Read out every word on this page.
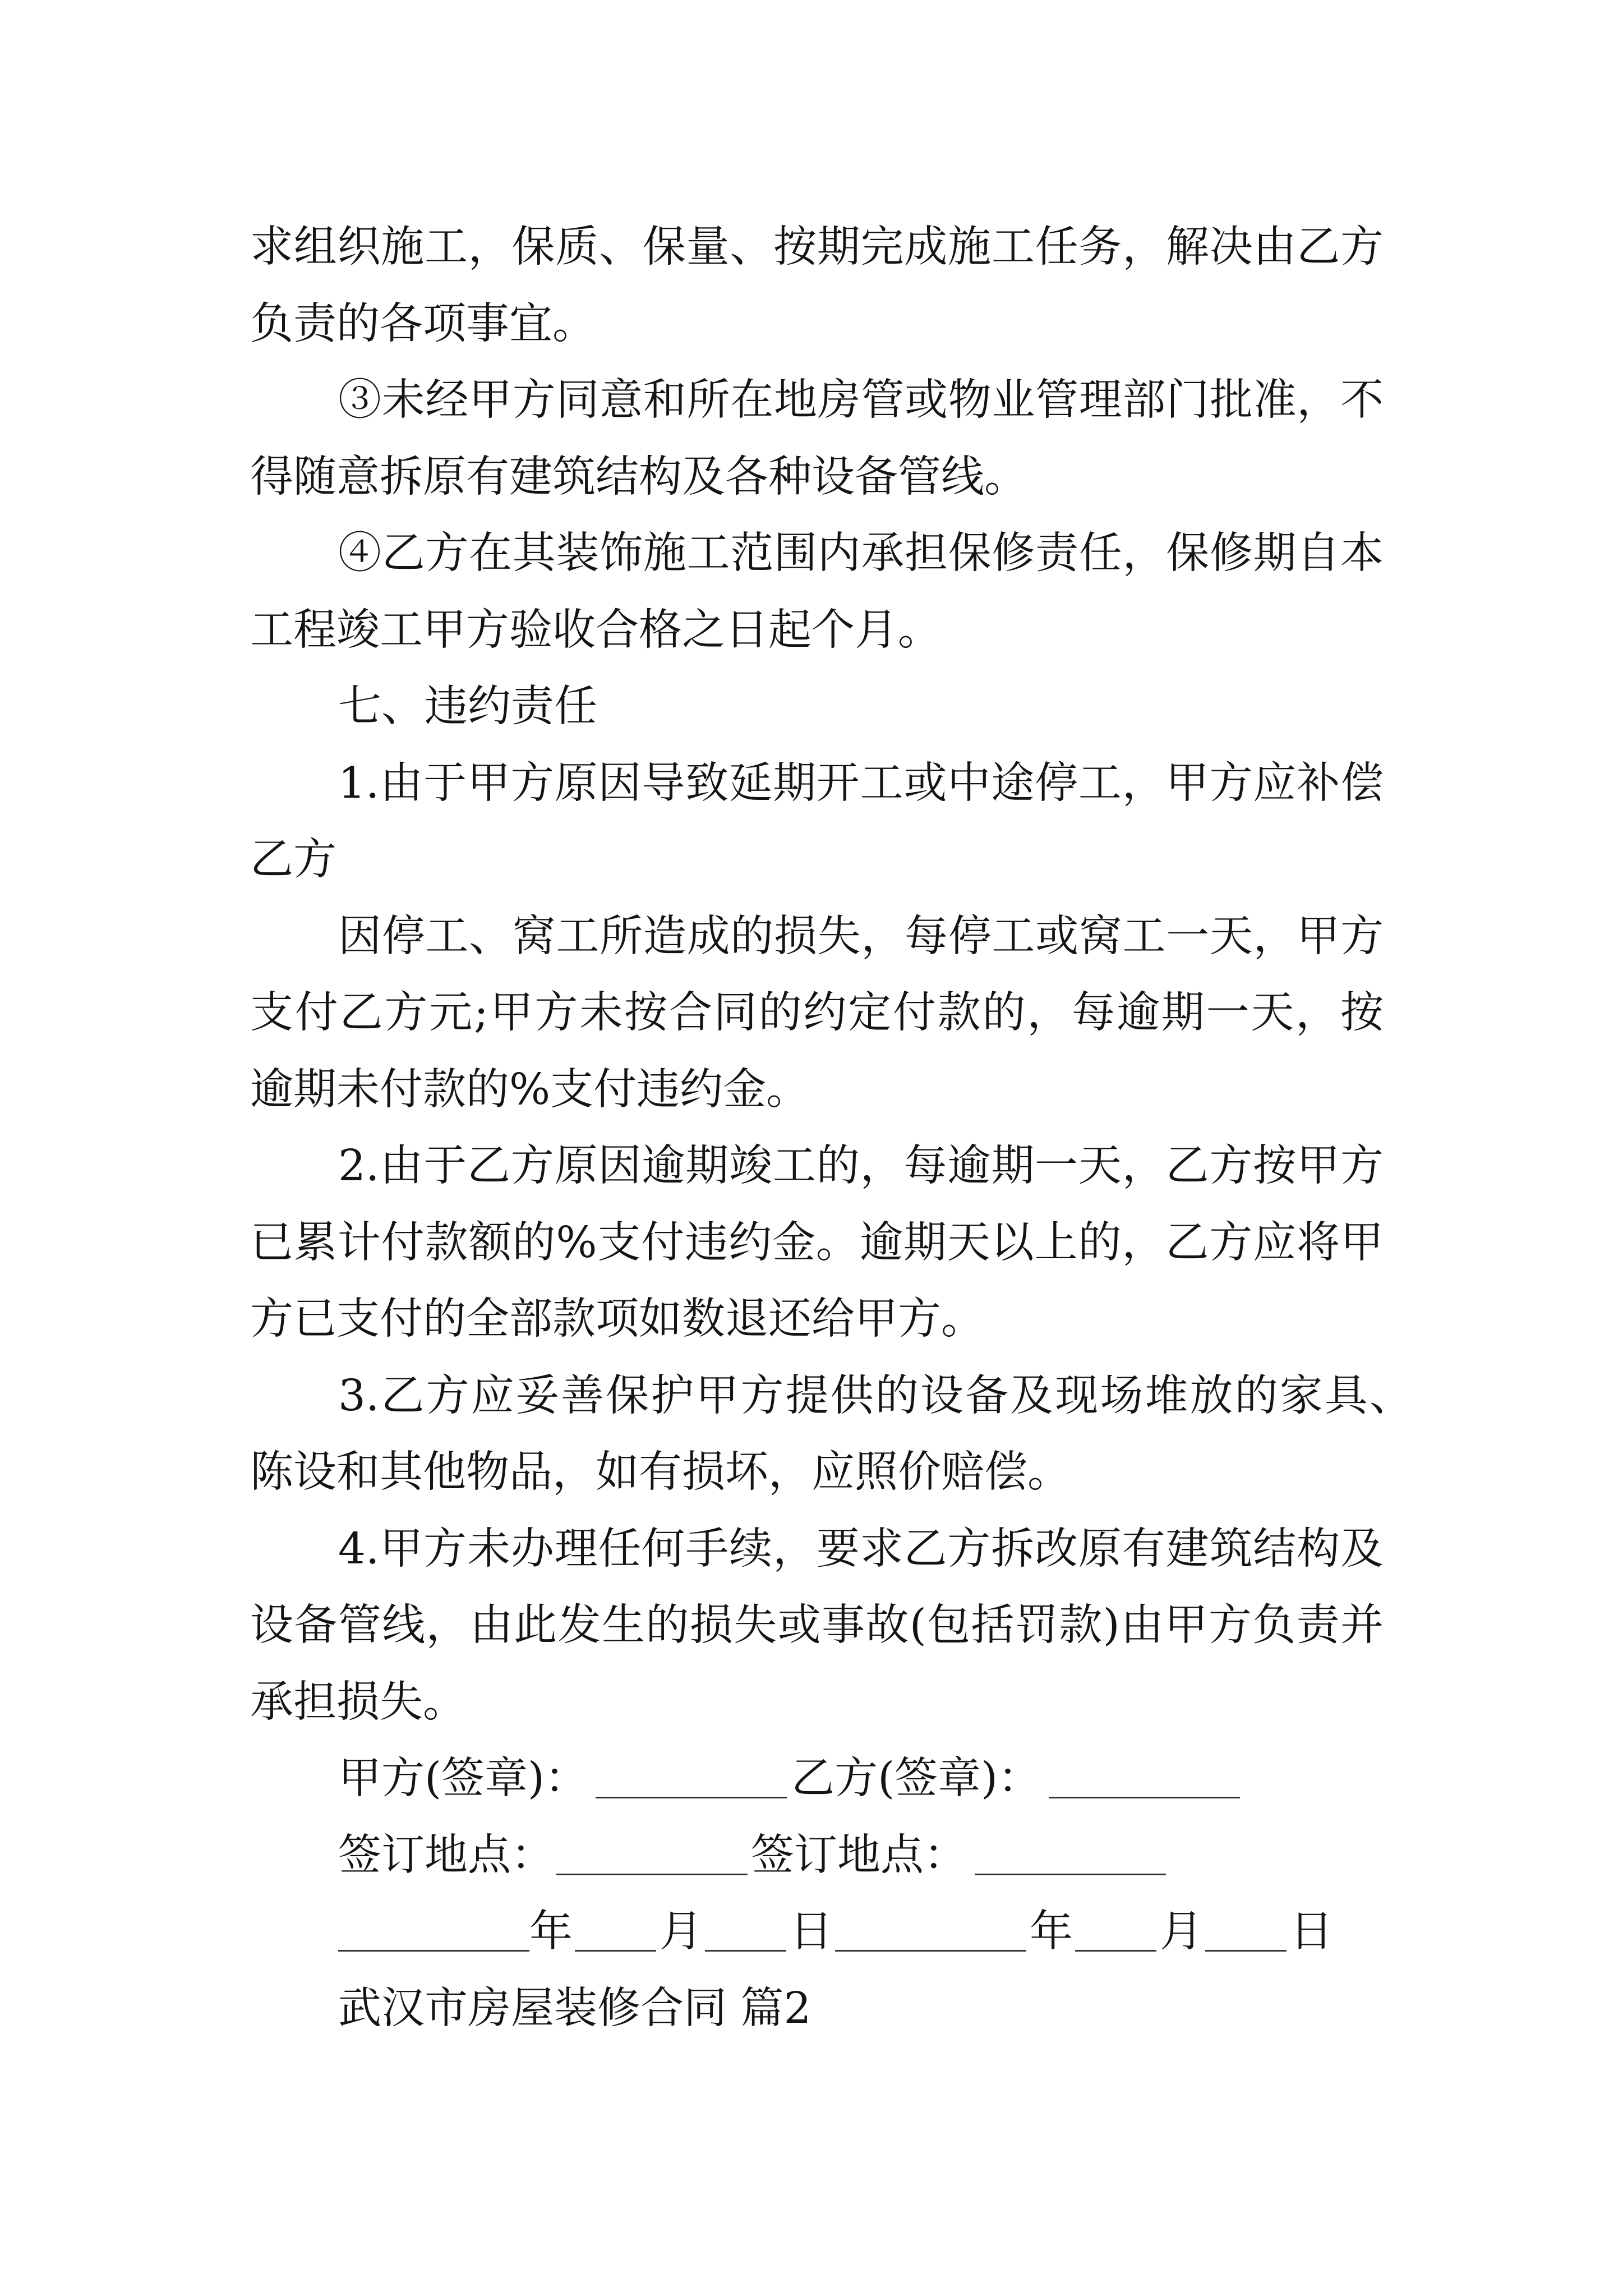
求组织施工，保质、保量、按期完成施工任务，解决由乙方
负责的各项事宜。
③未经甲方同意和所在地房管或物业管理部门批准，不
得随意拆原有建筑结构及各种设备管线。
④乙方在其装饰施工范围内承担保修责任，保修期自本
工程竣工甲方验收合格之日起个月。
七、违约责任
1.由于甲方原因导致延期开工或中途停工，甲方应补偿
乙方
因停工、窝工所造成的损失，每停工或窝工一天，甲方
支付乙方元;甲方未按合同的约定付款的，每逾期一天，按
逾期未付款的%支付违约金。
2.由于乙方原因逾期竣工的，每逾期一天，乙方按甲方
已累计付款额的%支付违约金。逾期天以上的，乙方应将甲
方已支付的全部款项如数退还给甲方。
3.乙方应妥善保护甲方提供的设备及现场堆放的家具、
陈设和其他物品，如有损坏，应照价赔偿。
4.甲方未办理任何手续，要求乙方拆改原有建筑结构及
设备管线，由此发生的损失或事故(包括罚款)由甲方负责并
承担损失。
甲方(签章)：	乙方(签章)：
签订地点：	签订地点：
年 月 日	年 月 日
武汉市房屋装修合同 篇2
